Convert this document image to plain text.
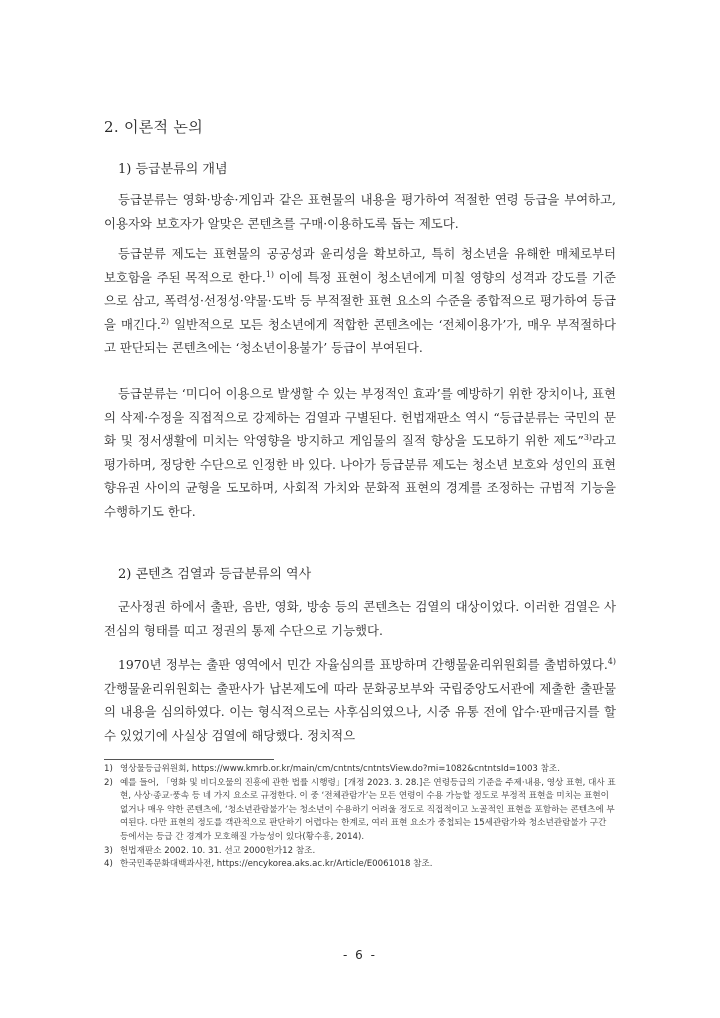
2. 이론적 논의
1) 등급분류의 개념

등급분류는 영화·방송·게임과 같은 표현물의 내용을 평가하여 적절한 연령 등급을 부여하고, 이용자와 보호자가 알맞은 콘텐츠를 구매·이용하도록 돕는 제도다.

등급분류 제도는 표현물의 공공성과 윤리성을 확보하고, 특히 청소년을 유해한 매체로부터 보호함을 주된 목적으로 한다.$^{1)}$ 이에 특정 표현이 청소년에게 미칠 영향의 성격과 강도를 기준으로 삼고, 폭력성·선정성·약물·도박 등 부적절한 표현 요소의 수준을 종합적으로 평가하여 등급을 매긴다.$^{2)}$ 일반적으로 모든 청소년에게 적합한 콘텐츠에는 ‘전체이용가’가, 매우 부적절하다고 판단되는 콘텐츠에는 ‘청소년이용불가’ 등급이 부여된다.

등급분류는 ‘미디어 이용으로 발생할 수 있는 부정적인 효과’를 예방하기 위한 장치이나, 표현의 삭제·수정을 직접적으로 강제하는 검열과 구별된다. 헌법재판소 역시 “등급분류는 국민의 문화 및 정서생활에 미치는 악영향을 방지하고 게임물의 질적 향상을 도모하기 위한 제도”$^{3)}$라고 평가하며, 정당한 수단으로 인정한 바 있다. 나아가 등급분류 제도는 청소년 보호와 성인의 표현 향유권 사이의 균형을 도모하며, 사회적 가치와 문화적 표현의 경계를 조정하는 규범적 기능을 수행하기도 한다.

2) 콘텐츠 검열과 등급분류의 역사

군사정권 하에서 출판, 음반, 영화, 방송 등의 콘텐츠는 검열의 대상이었다. 이러한 검열은 사전심의 형태를 띠고 정권의 통제 수단으로 기능했다.

1970년 정부는 출판 영역에서 민간 자율심의를 표방하며 간행물윤리위원회를 출범하였다.$^{4)}$ 간행물윤리위원회는 출판사가 납본제도에 따라 문화공보부와 국립중앙도서관에 제출한 출판물의 내용을 심의하였다. 이는 형식적으로는 사후심의였으나, 시중 유통 전에 압수·판매금지를 할 수 있었기에 사실상 검열에 해당했다. 정치적으

1) 영상물등급위원회, https://www.kmrb.or.kr/main/cm/cntnts/cntntsView.do?mi=1082&cntntsId=1003 참조.
2) 예를 들어, 「영화 및 비디오물의 진흥에 관한 법률 시행령」[개정 2023. 3. 28.]은 연령등급의 기준을 주제·내용, 영상 표현, 대사 표현, 사상·종교·풍속 등 네 가지 요소로 규정한다. 이 중 ‘전체관람가’는 모든 연령이 수용 가능할 정도로 부정적 표현을 미치는 표현이 없거나 매우 약한 콘텐츠에, ‘청소년관람불가’는 청소년이 수용하기 어려울 정도로 직접적이고 노골적인 표현을 포함하는 콘텐츠에 부여된다. 다만 표현의 정도를 객관적으로 판단하기 어렵다는 한계로, 여러 표현 요소가 중첩되는 15세관람가와 청소년관람불가 구간 등에서는 등급 간 경계가 모호해질 가능성이 있다(황수흥, 2014).
3) 헌법재판소 2002. 10. 31. 선고 2000헌가12 참조.
4) 한국민족문화대백과사전, https://encykorea.aks.ac.kr/Article/E0061018 참조.
- 6 -
